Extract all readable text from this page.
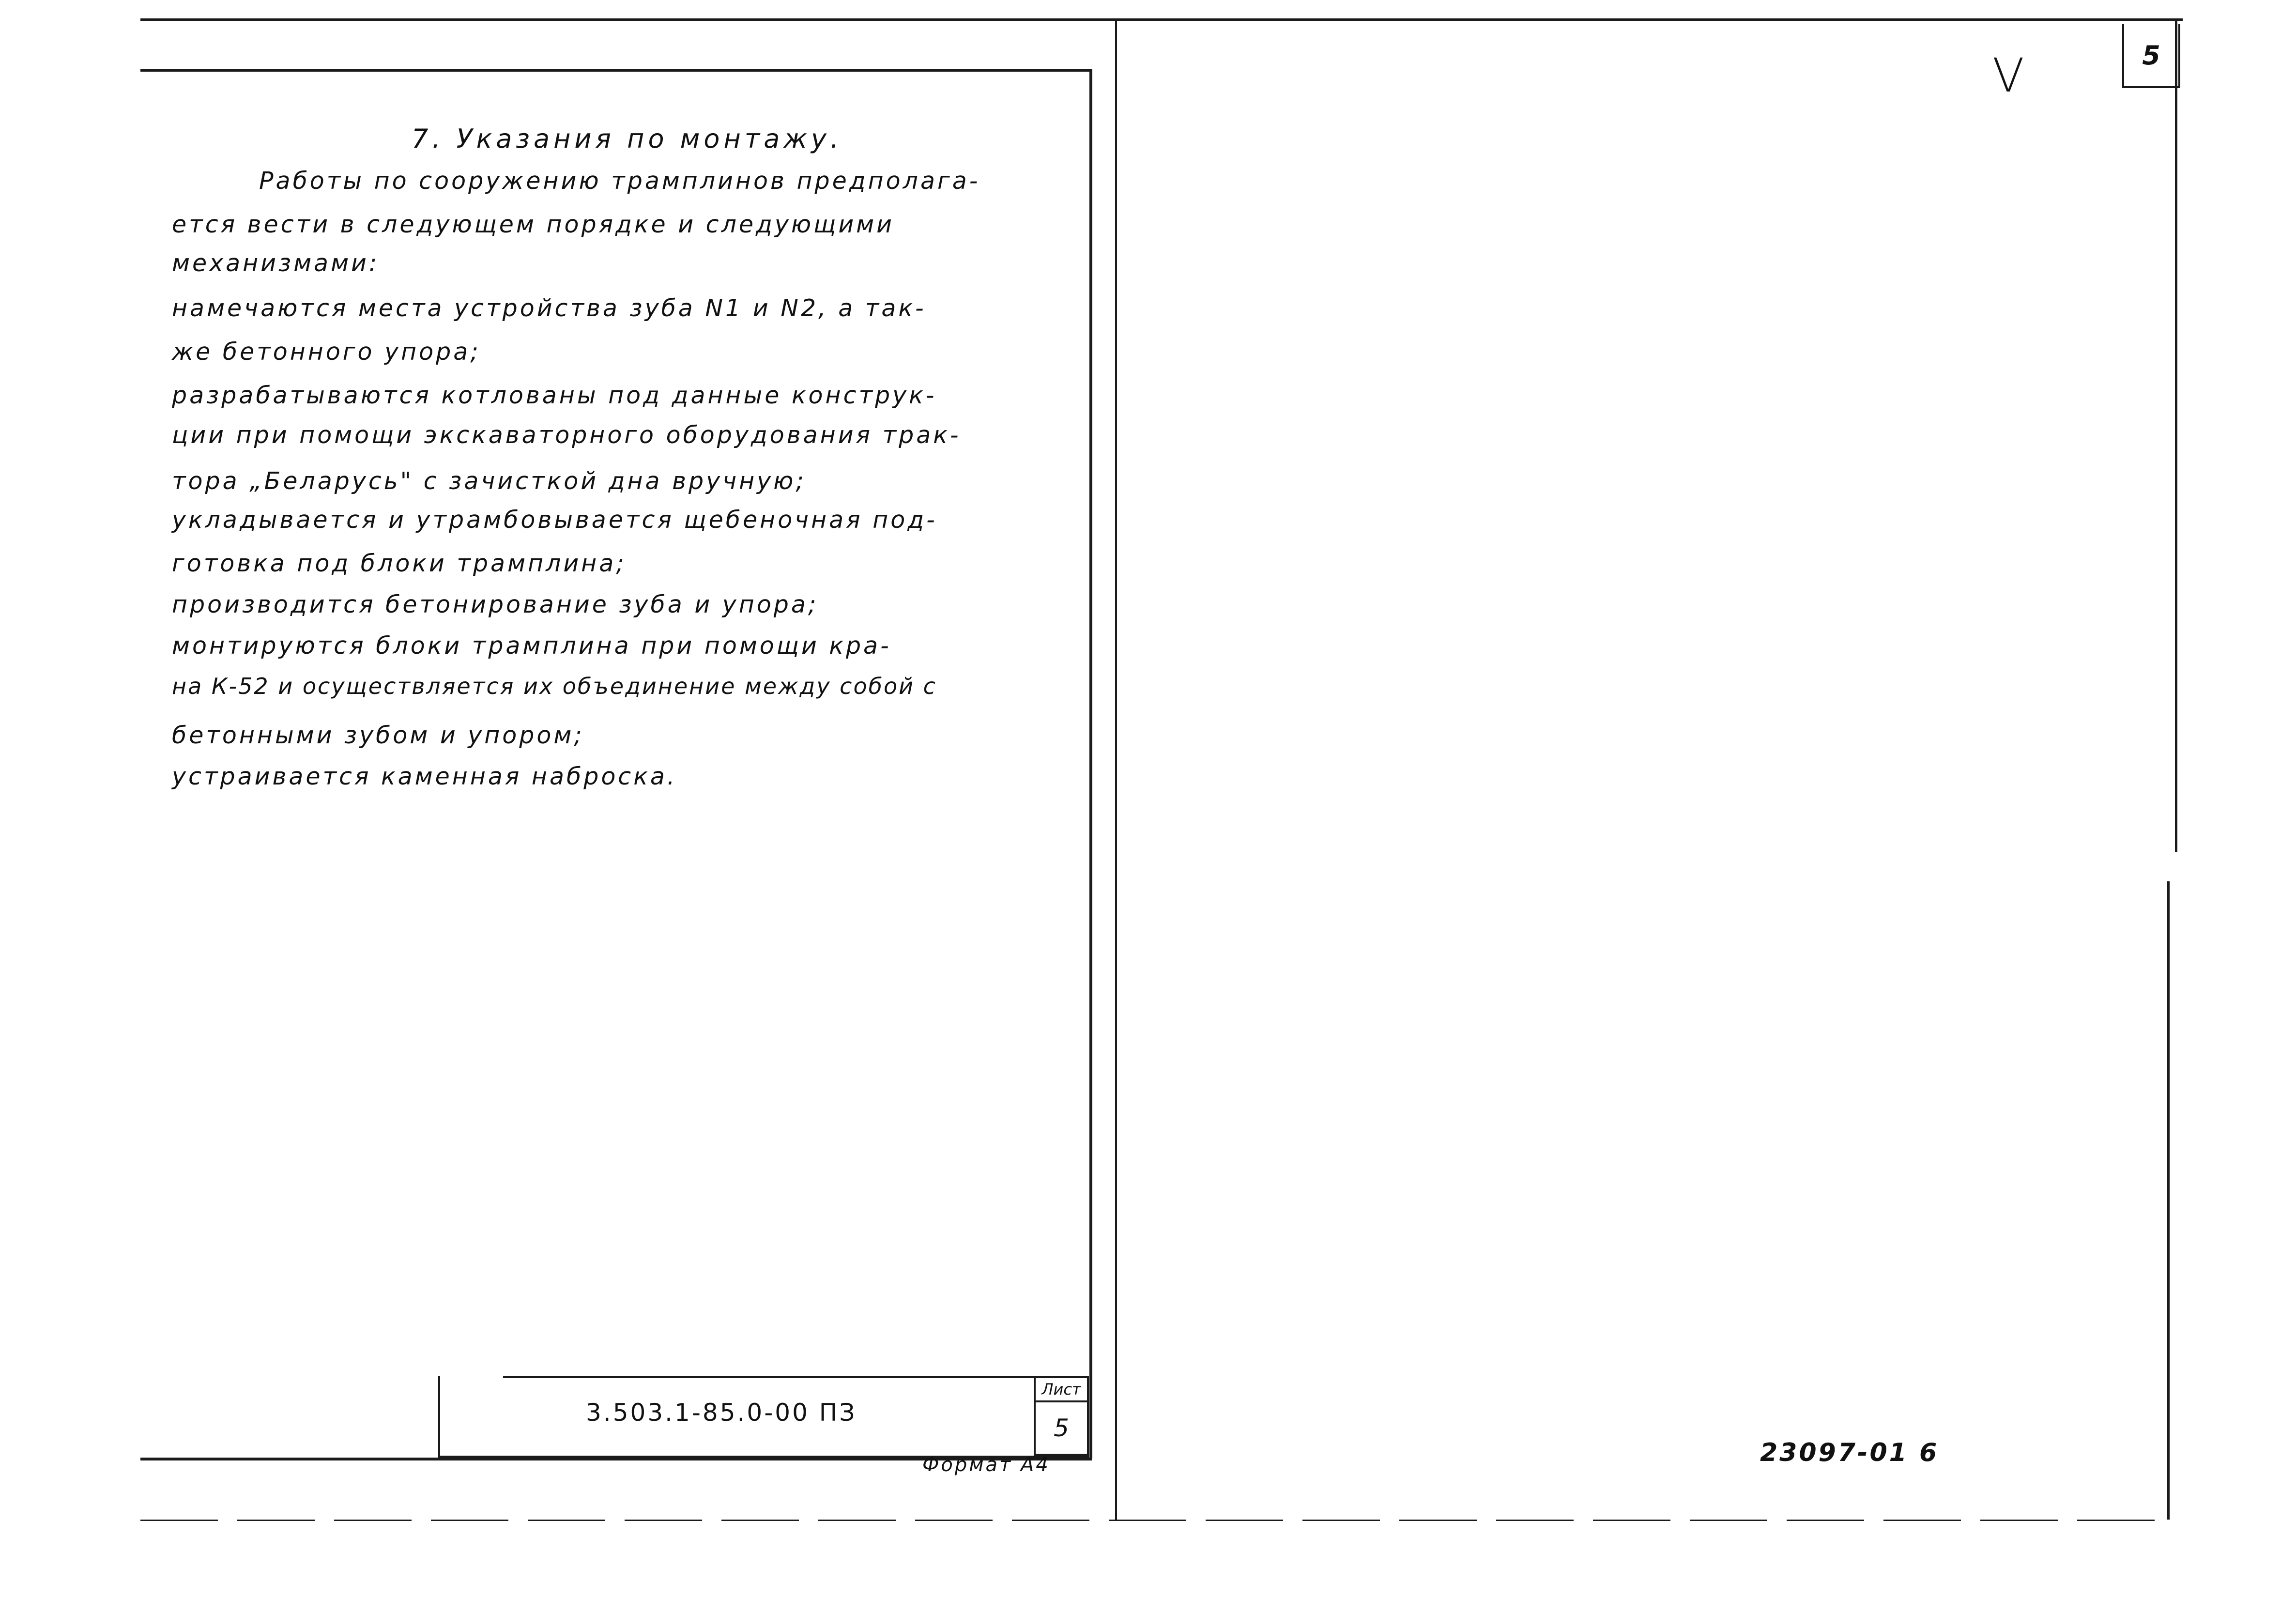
7. Указания по монтажу.
Работы по сооружению трамплинов предполага-
ется вести в следующем порядке и следующими
механизмами:
намечаются места устройства зуба N1 и N2, а так-
же бетонного упора;
разрабатываются котлованы под данные конструк-
ции при помощи экскаваторного оборудования трак-
тора „Беларусь" с зачисткой дна вручную;
укладывается и утрамбовывается щебеночная под-
готовка под блоки трамплина;
производится бетонирование зуба и упора;
монтируются блоки трамплина при помощи кра-
на К-52 и осуществляется их объединение между собой с
бетонными зубом и упором;
устраивается каменная наброска.
3.503.1-85.0-00 ПЗ
Лист
5
Формат А4
5
V
23097-01 6
